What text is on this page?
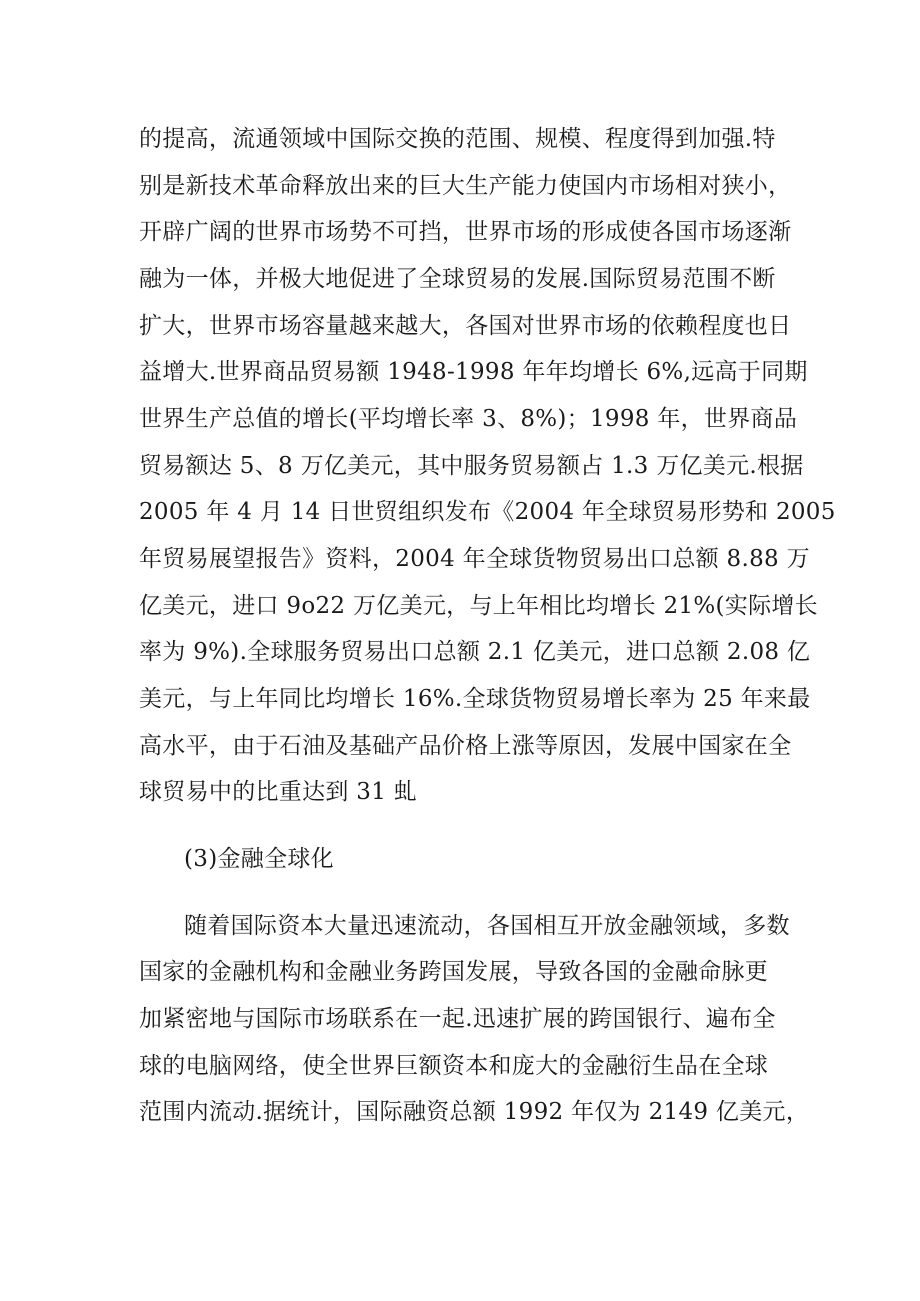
的提高，流通领域中国际交换的范围、规模、程度得到加强.特
别是新技术革命释放出来的巨大生产能力使国内市场相对狭小，
开辟广阔的世界市场势不可挡，世界市场的形成使各国市场逐渐
融为一体，并极大地促进了全球贸易的发展.国际贸易范围不断
扩大，世界市场容量越来越大，各国对世界市场的依赖程度也日
益增大.世界商品贸易额 1948-1998 年年均增长 6%,远高于同期
世界生产总值的增长(平均增长率 3、8%)；1998 年，世界商品
贸易额达 5、8 万亿美元，其中服务贸易额占 1.3 万亿美元.根据
2005 年 4 月 14 日世贸组织发布《2004 年全球贸易形势和 2005
年贸易展望报告》资料，2004 年全球货物贸易出口总额 8.88 万
亿美元，进口 9o22 万亿美元，与上年相比均增长 21%(实际增长
率为 9%).全球服务贸易出口总额 2.1 亿美元，进口总额 2.08 亿
美元，与上年同比均增长 16%.全球货物贸易增长率为 25 年来最
高水平，由于石油及基础产品价格上涨等原因，发展中国家在全
球贸易中的比重达到 31 虬
(3)金融全球化
随着国际资本大量迅速流动，各国相互开放金融领域，多数
国家的金融机构和金融业务跨国发展，导致各国的金融命脉更
加紧密地与国际市场联系在一起.迅速扩展的跨国银行、遍布全
球的电脑网络，使全世界巨额资本和庞大的金融衍生品在全球
范围内流动.据统计，国际融资总额 1992 年仅为 2149 亿美元，
